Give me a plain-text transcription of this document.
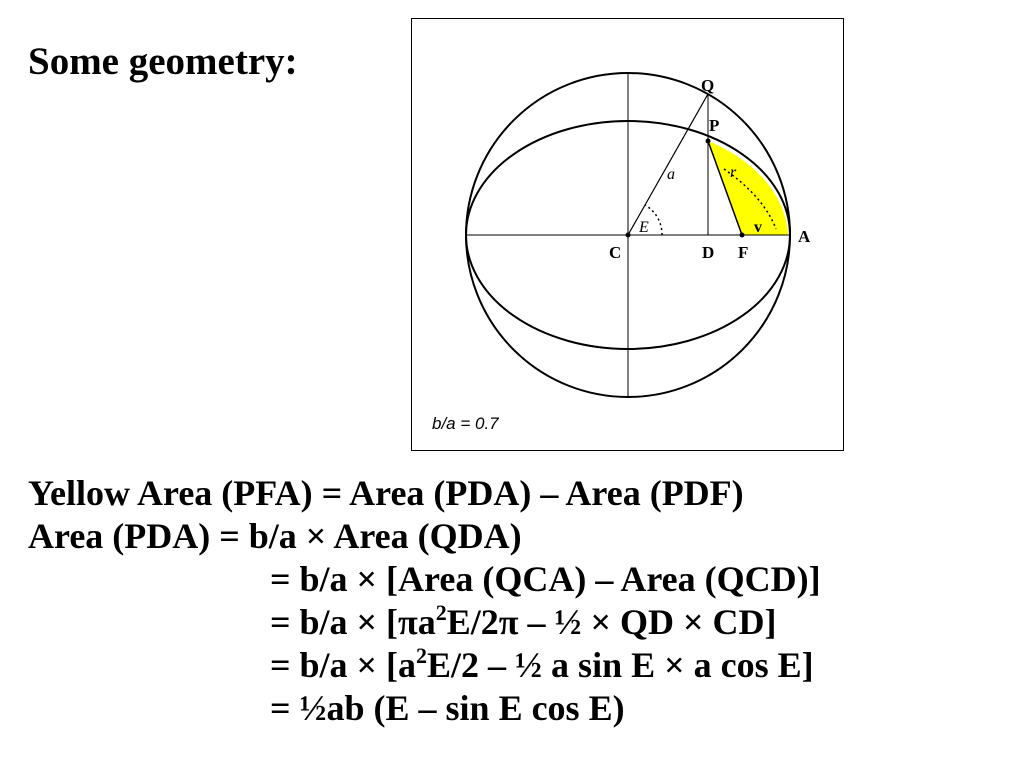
Some geometry:
Q
P
a	r
E	v
C	D F
A
b/a = 0.7
Yellow Area (PFA) = Area (PDA) – Area (PDF)
Area (PDA) = b/a × Area (QDA)
= b/a × [Area (QCA) – Area (QCD)]
= $b/a \times [\pi a^2E/2\pi$ – ½ × QD × CD]
= $b/a \times [a^2E/2$ – ½ a sin E × a cos E]
= ½ab (E – sin E cos E)
